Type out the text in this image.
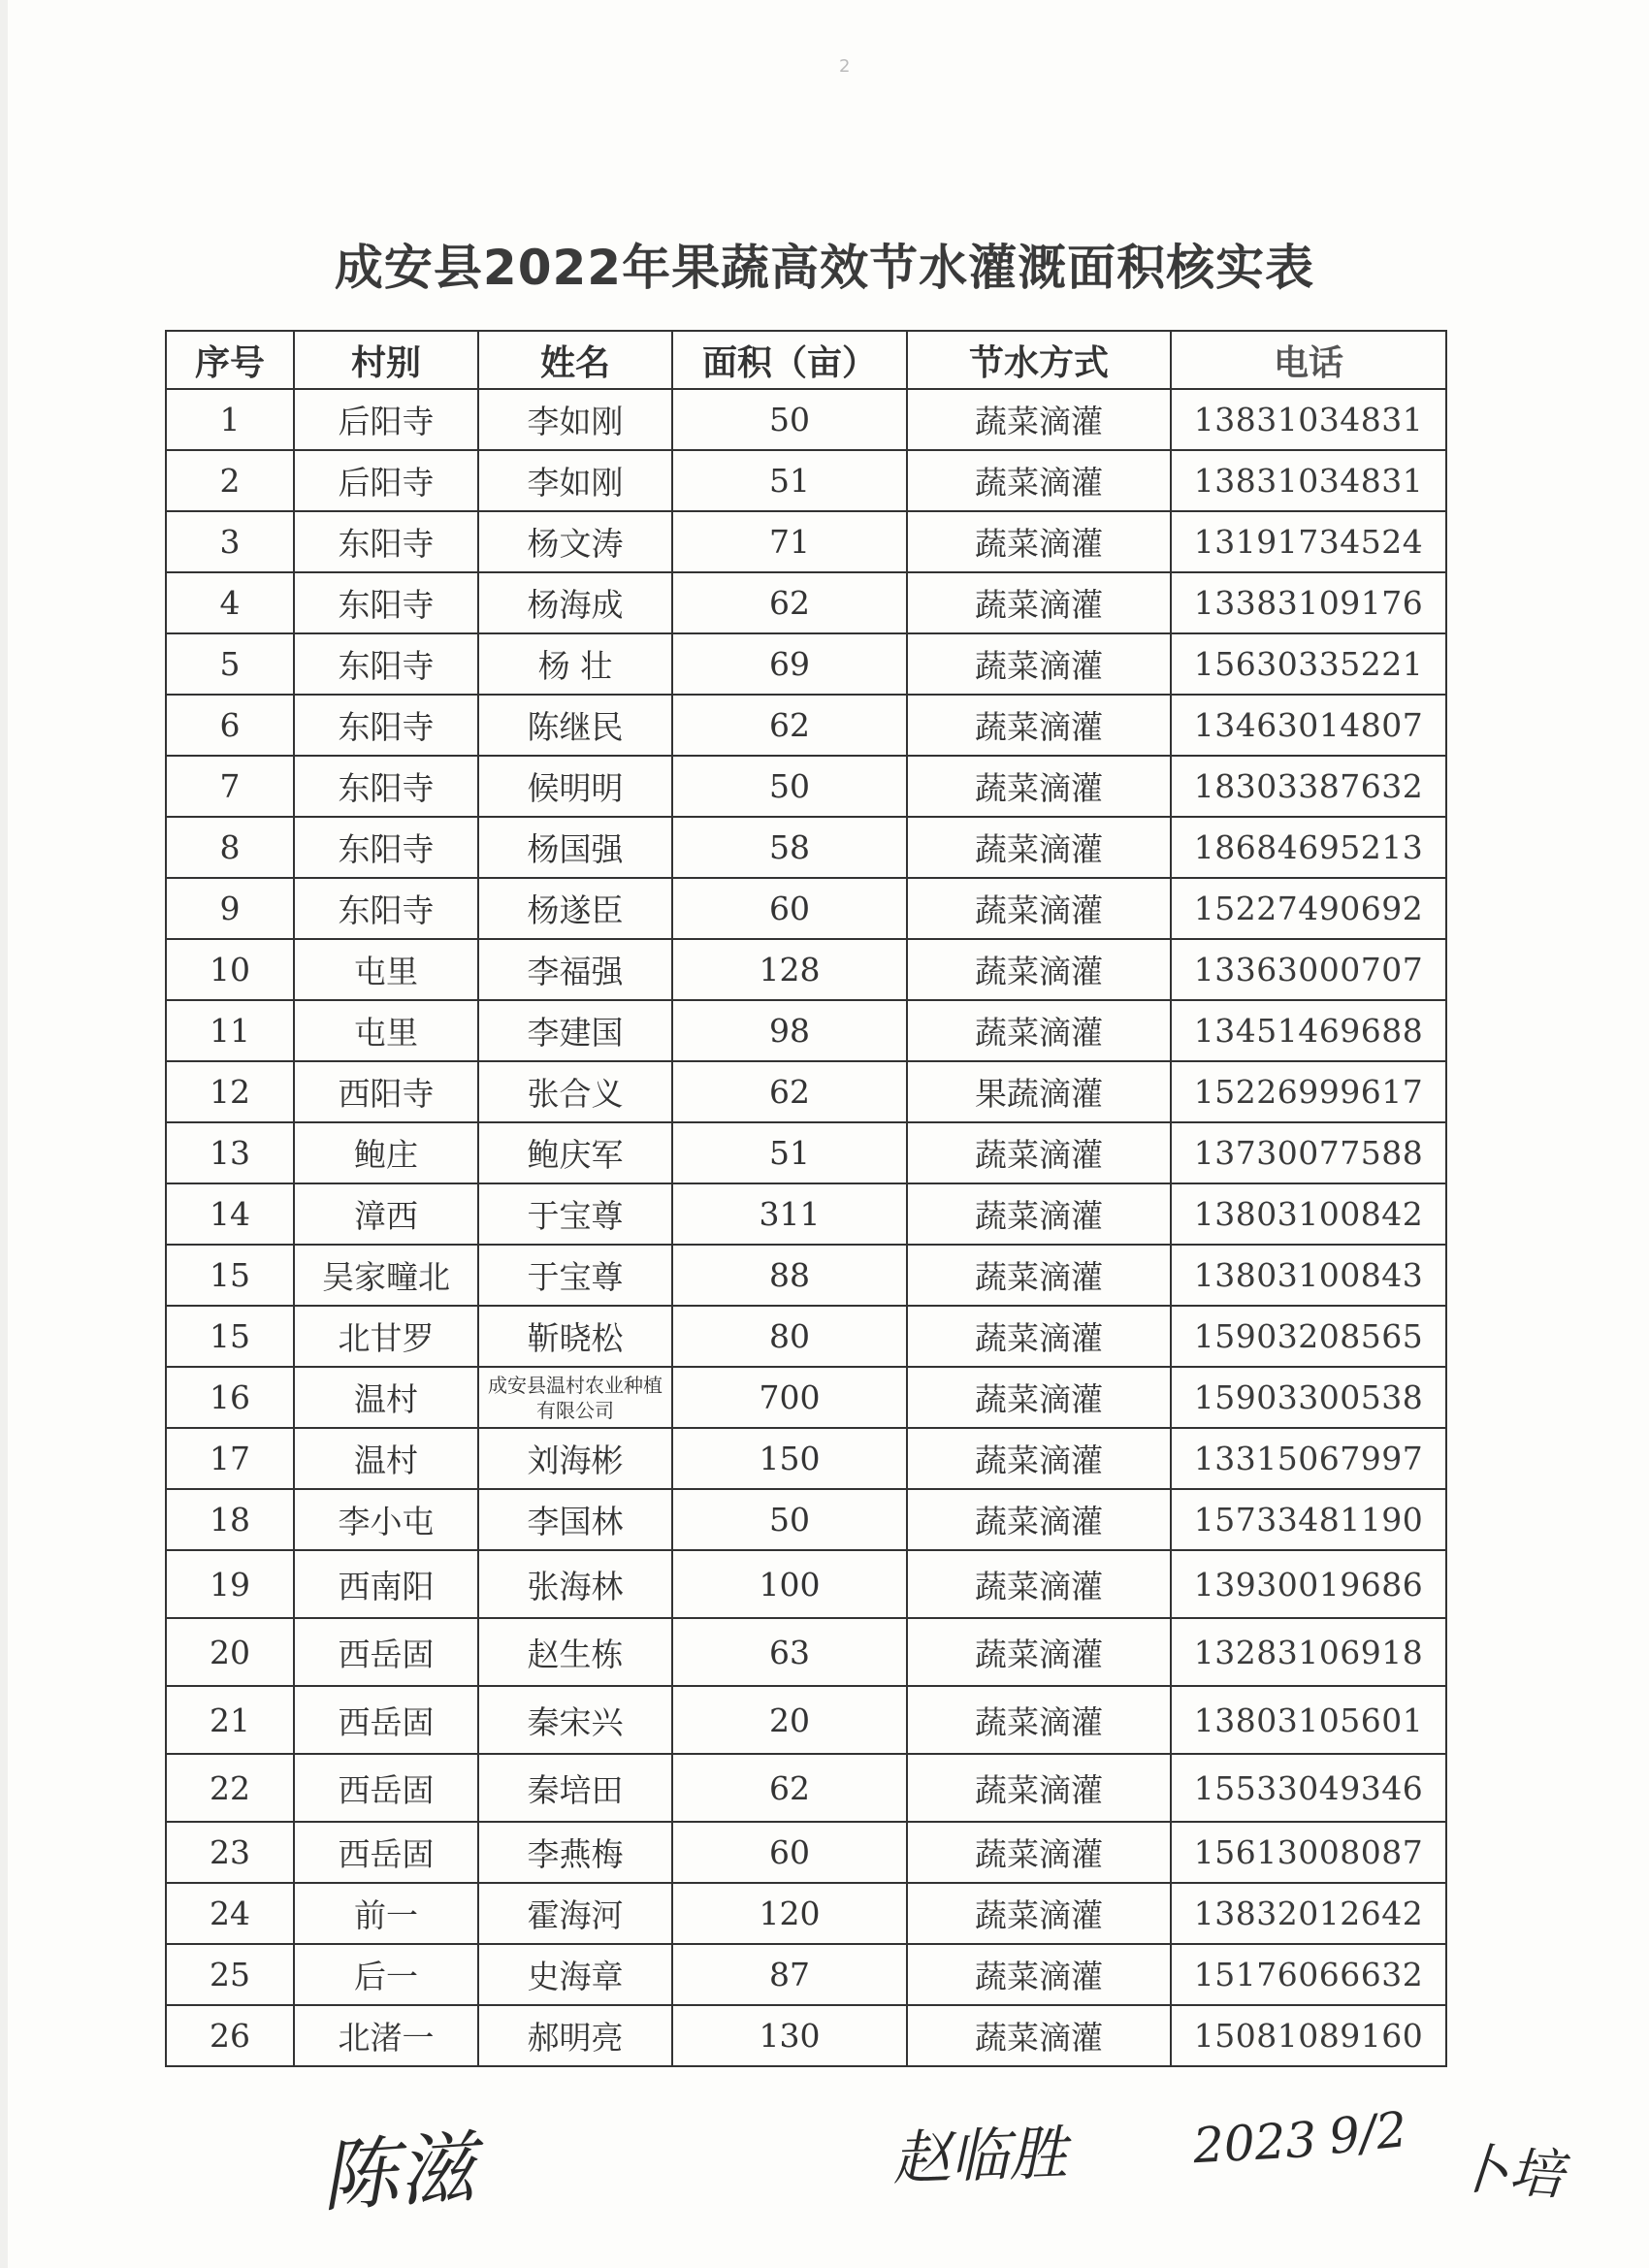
2
成安县2022年果蔬高效节水灌溉面积核实表
序号	村别	姓名	面积（亩）	节水方式	电话
1	后阳寺	李如刚	50	蔬菜滴灌	13831034831
2	后阳寺	李如刚	51	蔬菜滴灌	13831034831
3	东阳寺	杨文涛	71	蔬菜滴灌	13191734524
4	东阳寺	杨海成	62	蔬菜滴灌	13383109176
5	东阳寺	杨 壮	69	蔬菜滴灌	15630335221
6	东阳寺	陈继民	62	蔬菜滴灌	13463014807
7	东阳寺	候明明	50	蔬菜滴灌	18303387632
8	东阳寺	杨国强	58	蔬菜滴灌	18684695213
9	东阳寺	杨遂臣	60	蔬菜滴灌	15227490692
10	屯里	李福强	128	蔬菜滴灌	13363000707
11	屯里	李建国	98	蔬菜滴灌	13451469688
12	西阳寺	张合义	62	果蔬滴灌	15226999617
13	鲍庄	鲍庆军	51	蔬菜滴灌	13730077588
14	漳西	于宝尊	311	蔬菜滴灌	13803100842
15	吴家疃北	于宝尊	88	蔬菜滴灌	13803100843
15	北甘罗	靳晓松	80	蔬菜滴灌	15903208565
16	温村	成安县温村农业种植有限公司	700	蔬菜滴灌	15903300538
17	温村	刘海彬	150	蔬菜滴灌	13315067997
18	李小屯	李国林	50	蔬菜滴灌	15733481190
19	西南阳	张海林	100	蔬菜滴灌	13930019686
20	西岳固	赵生栋	63	蔬菜滴灌	13283106918
21	西岳固	秦宋兴	20	蔬菜滴灌	13803105601
22	西岳固	秦培田	62	蔬菜滴灌	15533049346
23	西岳固	李燕梅	60	蔬菜滴灌	15613008087
24	前一	霍海河	120	蔬菜滴灌	13832012642
25	后一	史海章	87	蔬菜滴灌	15176066632
26	北渚一	郝明亮	130	蔬菜滴灌	15081089160
陈滋	赵临胜	2023 9/2
卜培
